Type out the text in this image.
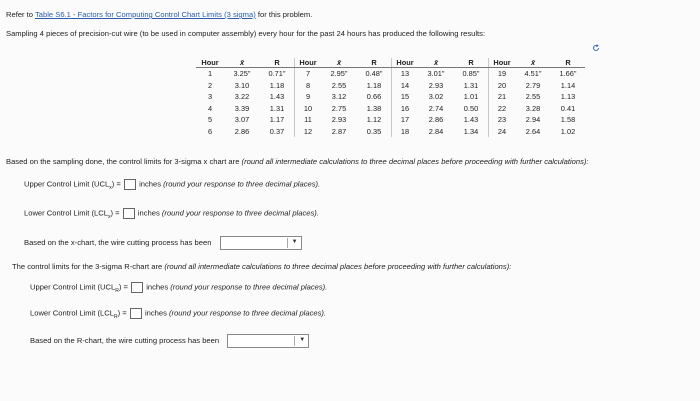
Refer to Table S6.1 - Factors for Computing Control Chart Limits (3 sigma) for this problem.
Sampling 4 pieces of precision-cut wire (to be used in computer assembly) every hour for the past 24 hours has produced the following results:
Hour	x̄	R	Hour	x̄	R	Hour	x̄	R	Hour	x̄	R
1	3.25"	0.71"	7	2.95"	0.48"	13	3.01"	0.85"	19	4.51"	1.66"
2	3.10	1.18	8	2.55	1.18	14	2.93	1.31	20	2.79	1.14
3	3.22	1.43	9	3.12	0.66	15	3.02	1.01	21	2.55	1.13
4	3.39	1.31	10	2.75	1.38	16	2.74	0.50	22	3.28	0.41
5	3.07	1.17	11	2.93	1.12	17	2.86	1.43	23	2.94	1.58
6	2.86	0.37	12	2.87	0.35	18	2.84	1.34	24	2.64	1.02
Based on the sampling done, the control limits for 3-sigma x chart are (round all intermediate calculations to three decimal places before proceeding with further calculations):
Upper Control Limit $(UCL_x)$ = inches (round your response to three decimal places).
Lower Control Limit $(LCL_x)$ = inches (round your response to three decimal places).
Based on the x-chart, the wire cutting process has been	▼
The control limits for the 3-sigma R-chart are (round all intermediate calculations to three decimal places before proceeding with further calculations):
Upper Control Limit $(UCL_R)$ = inches (round your response to three decimal places).
Lower Control Limit $(LCL_R)$ = inches (round your response to three decimal places).
Based on the R-chart, the wire cutting process has been	▼
